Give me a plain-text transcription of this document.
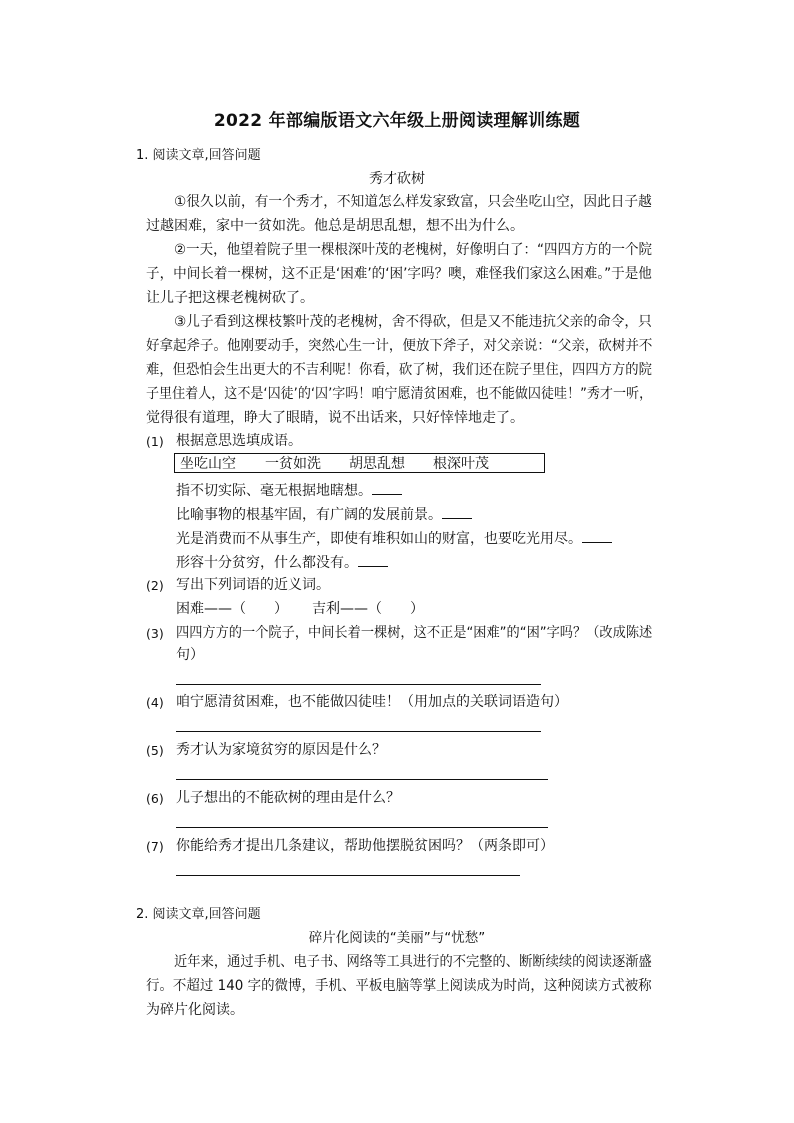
2022 年部编版语文六年级上册阅读理解训练题
1. 阅读文章,回答问题
秀才砍树
①很久以前，有一个秀才，不知道怎么样发家致富，只会坐吃山空，因此日子越
过越困难，家中一贫如洗。他总是胡思乱想，想不出为什么。
②一天，他望着院子里一棵根深叶茂的老槐树，好像明白了：“四四方方的一个院
子，中间长着一棵树，这不正是‘困难’的‘困’字吗？噢，难怪我们家这么困难。”于是他
让儿子把这棵老槐树砍了。
③儿子看到这棵枝繁叶茂的老槐树，舍不得砍，但是又不能违抗父亲的命令，只
好拿起斧子。他刚要动手，突然心生一计，便放下斧子，对父亲说：“父亲，砍树并不
难，但恐怕会生出更大的不吉利呢！你看，砍了树，我们还在院子里住，四四方方的院
子里住着人，这不是‘囚徒’的‘囚’字吗！咱宁愿清贫困难，也不能做囚徒哇！”秀才一听，
觉得很有道理，睁大了眼睛，说不出话来，只好悻悻地走了。
(1) 根据意思选填成语。
坐吃山空 一贫如洗 胡思乱想 根深叶茂
指不切实际、毫无根据地瞎想。
比喻事物的根基牢固，有广阔的发展前景。
光是消费而不从事生产，即使有堆积如山的财富，也要吃光用尽。
形容十分贫穷，什么都没有。
(2) 写出下列词语的近义词。
困难——（　　） 吉利——（　　）
(3) 四四方方的一个院子，中间长着一棵树，这不正是“困难”的“困”字吗？（改成陈述
句）
(4) 咱宁愿清贫困难，也不能做囚徒哇！（用加点的关联词语造句）
(5) 秀才认为家境贫穷的原因是什么？
(6) 儿子想出的不能砍树的理由是什么？
(7) 你能给秀才提出几条建议，帮助他摆脱贫困吗？（两条即可）
2. 阅读文章,回答问题
碎片化阅读的“美丽”与“忧愁”
近年来，通过手机、电子书、网络等工具进行的不完整的、断断续续的阅读逐渐盛
行。不超过 140 字的微博，手机、平板电脑等掌上阅读成为时尚，这种阅读方式被称
为碎片化阅读。
